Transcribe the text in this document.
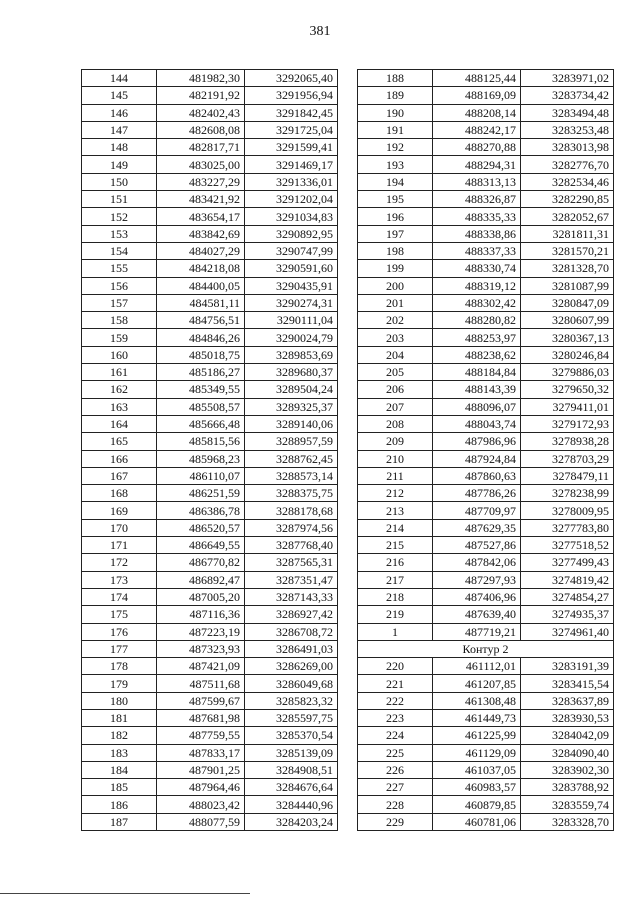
381
144	481982,30	3292065,40
145	482191,92	3291956,94
146	482402,43	3291842,45
147	482608,08	3291725,04
148	482817,71	3291599,41
149	483025,00	3291469,17
150	483227,29	3291336,01
151	483421,92	3291202,04
152	483654,17	3291034,83
153	483842,69	3290892,95
154	484027,29	3290747,99
155	484218,08	3290591,60
156	484400,05	3290435,91
157	484581,11	3290274,31
158	484756,51	3290111,04
159	484846,26	3290024,79
160	485018,75	3289853,69
161	485186,27	3289680,37
162	485349,55	3289504,24
163	485508,57	3289325,37
164	485666,48	3289140,06
165	485815,56	3288957,59
166	485968,23	3288762,45
167	486110,07	3288573,14
168	486251,59	3288375,75
169	486386,78	3288178,68
170	486520,57	3287974,56
171	486649,55	3287768,40
172	486770,82	3287565,31
173	486892,47	3287351,47
174	487005,20	3287143,33
175	487116,36	3286927,42
176	487223,19	3286708,72
177	487323,93	3286491,03
178	487421,09	3286269,00
179	487511,68	3286049,68
180	487599,67	3285823,32
181	487681,98	3285597,75
182	487759,55	3285370,54
183	487833,17	3285139,09
184	487901,25	3284908,51
185	487964,46	3284676,64
186	488023,42	3284440,96
187	488077,59	3284203,24
188	488125,44	3283971,02
189	488169,09	3283734,42
190	488208,14	3283494,48
191	488242,17	3283253,48
192	488270,88	3283013,98
193	488294,31	3282776,70
194	488313,13	3282534,46
195	488326,87	3282290,85
196	488335,33	3282052,67
197	488338,86	3281811,31
198	488337,33	3281570,21
199	488330,74	3281328,70
200	488319,12	3281087,99
201	488302,42	3280847,09
202	488280,82	3280607,99
203	488253,97	3280367,13
204	488238,62	3280246,84
205	488184,84	3279886,03
206	488143,39	3279650,32
207	488096,07	3279411,01
208	488043,74	3279172,93
209	487986,96	3278938,28
210	487924,84	3278703,29
211	487860,63	3278479,11
212	487786,26	3278238,99
213	487709,97	3278009,95
214	487629,35	3277783,80
215	487527,86	3277518,52
216	487842,06	3277499,43
217	487297,93	3274819,42
218	487406,96	3274854,27
219	487639,40	3274935,37
1	487719,21	3274961,40
Контур 2		
220	461112,01	3283191,39
221	461207,85	3283415,54
222	461308,48	3283637,89
223	461449,73	3283930,53
224	461225,99	3284042,09
225	461129,09	3284090,40
226	461037,05	3283902,30
227	460983,57	3283788,92
228	460879,85	3283559,74
229	460781,06	3283328,70
